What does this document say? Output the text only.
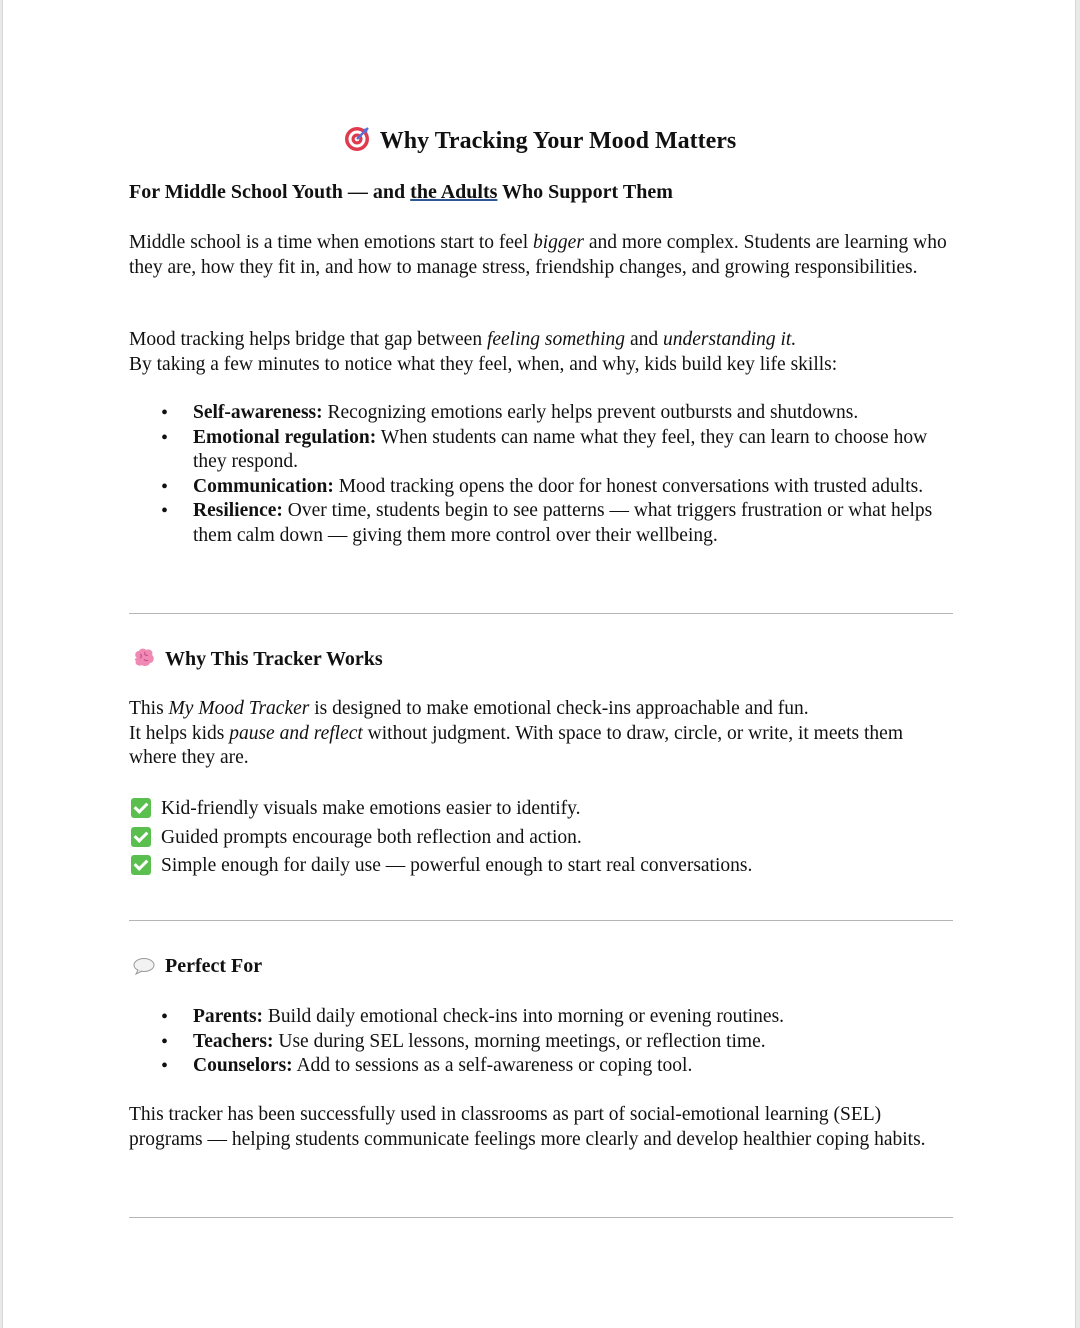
Why Tracking Your Mood Matters
For Middle School Youth — and the Adults Who Support Them

Middle school is a time when emotions start to feel bigger and more complex. Students are learning who they are, how they fit in, and how to manage stress, friendship changes, and growing responsibilities.

Mood tracking helps bridge that gap between feeling something and understanding it.
By taking a few minutes to notice what they feel, when, and why, kids build key life skills:

• Self-awareness: Recognizing emotions early helps prevent outbursts and shutdowns.
• Emotional regulation: When students can name what they feel, they can learn to choose how they respond.
• Communication: Mood tracking opens the door for honest conversations with trusted adults.
• Resilience: Over time, students begin to see patterns — what triggers frustration or what helps them calm down — giving them more control over their wellbeing.
Why This Tracker Works

This My Mood Tracker is designed to make emotional check-ins approachable and fun.
It helps kids pause and reflect without judgment. With space to draw, circle, or write, it meets them where they are.

Kid-friendly visuals make emotions easier to identify.
Guided prompts encourage both reflection and action.
Simple enough for daily use — powerful enough to start real conversations.
Perfect For
• Parents: Build daily emotional check-ins into morning or evening routines.
• Teachers: Use during SEL lessons, morning meetings, or reflection time.
• Counselors: Add to sessions as a self-awareness or coping tool.

This tracker has been successfully used in classrooms as part of social-emotional learning (SEL) programs — helping students communicate feelings more clearly and develop healthier coping habits.
